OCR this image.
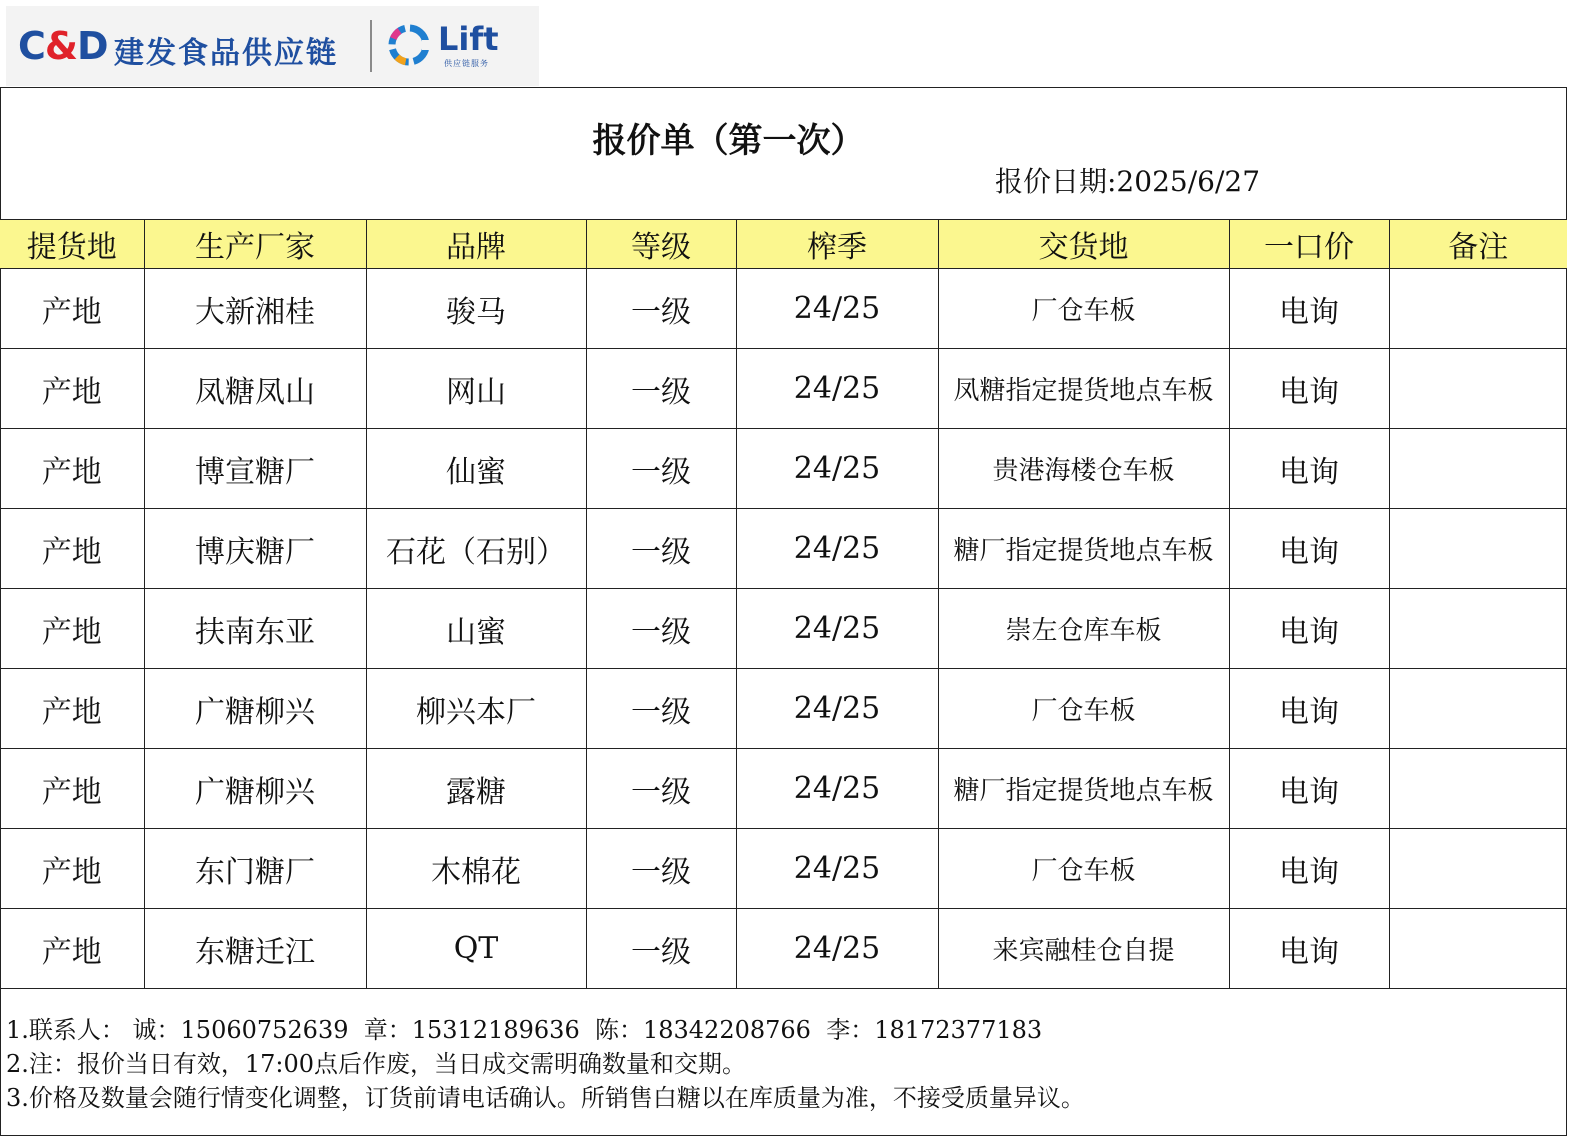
C&D 建发食品供应链	Lift
供应链服务
报价单（第一次）
报价日期:2025/6/27
提货地	生产厂家	品牌	等级	榨季	交货地	一口价	备注
产地	大新湘桂	骏马	一级	24/25	厂仓车板	电询	
产地	凤糖凤山	网山	一级	24/25	凤糖指定提货地点车板	电询	
产地	博宣糖厂	仙蜜	一级	24/25	贵港海楼仓车板	电询	
产地	博庆糖厂	石花（石别）	一级	24/25	糖厂指定提货地点车板	电询	
产地	扶南东亚	山蜜	一级	24/25	崇左仓库车板	电询	
产地	广糖柳兴	柳兴本厂	一级	24/25	厂仓车板	电询	
产地	广糖柳兴	露糖	一级	24/25	糖厂指定提货地点车板	电询	
产地	东门糖厂	木棉花	一级	24/25	厂仓车板	电询	
产地	东糖迁江	QT	一级	24/25	来宾融桂仓自提	电询	
1.联系人： 诚：15060752639  章：15312189636  陈：18342208766  李：18172377183
2.注：报价当日有效，17:00点后作废，当日成交需明确数量和交期。
3.价格及数量会随行情变化调整，订货前请电话确认。所销售白糖以在库质量为准，不接受质量异议。
